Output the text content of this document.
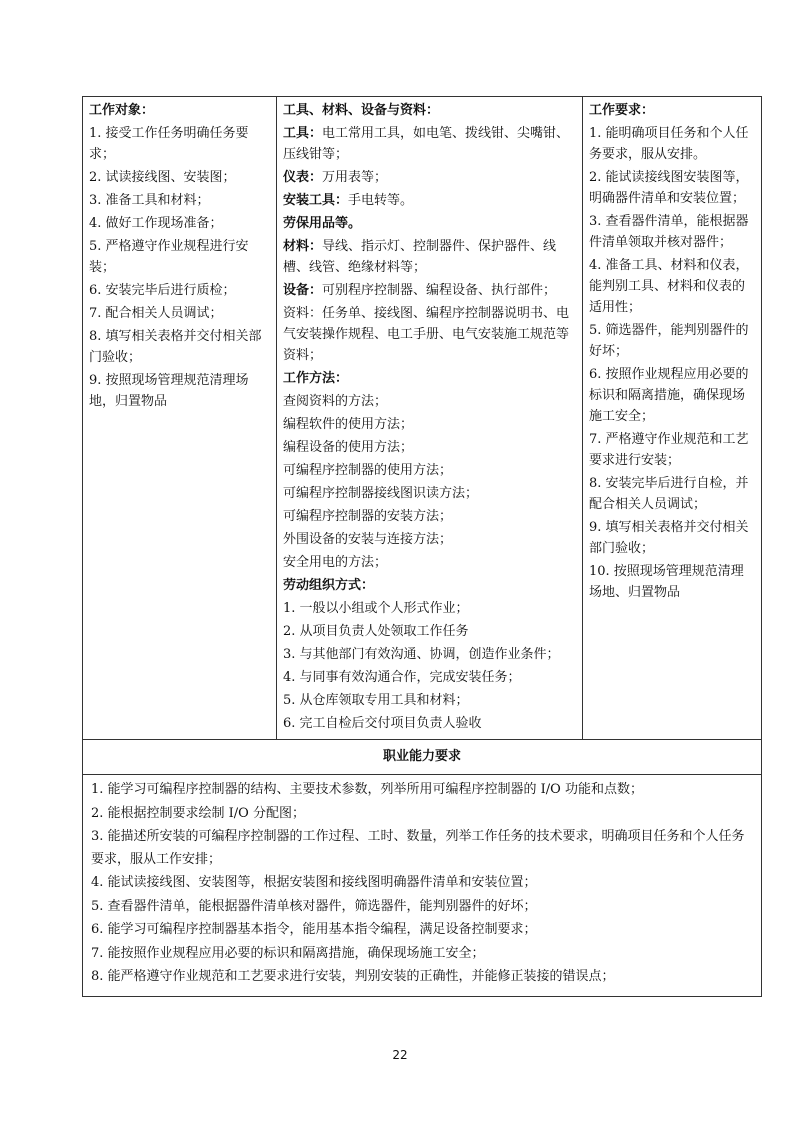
工作对象：
1. 接受工作任务明确任务要求；
2. 试读接线图、安装图；
3. 准备工具和材料；
4. 做好工作现场准备；
5. 严格遵守作业规程进行安装；
6. 安装完毕后进行质检；
7. 配合相关人员调试；
8. 填写相关表格并交付相关部门验收；
9. 按照现场管理规范清理场地，归置物品

工具、材料、设备与资料：
工具：电工常用工具，如电笔、拨线钳、尖嘴钳、压线钳等；
仪表：万用表等；
安装工具：手电转等。
劳保用品等。
材料：导线、指示灯、控制器件、保护器件、线槽、线管、绝缘材料等；
设备：可别程序控制器、编程设备、执行部件；
资料：任务单、接线图、编程序控制器说明书、电气安装操作规程、电工手册、电气安装施工规范等资料；
工作方法：
查阅资料的方法；
编程软件的使用方法；
编程设备的使用方法；
可编程序控制器的使用方法；
可编程序控制器接线图识读方法；
可编程序控制器的安装方法；
外围设备的安装与连接方法；
安全用电的方法；
劳动组织方式：
1. 一般以小组或个人形式作业；
2. 从项目负责人处领取工作任务
3. 与其他部门有效沟通、协调，创造作业条件；
4. 与同事有效沟通合作，完成安装任务；
5. 从仓库领取专用工具和材料；
6. 完工自检后交付项目负责人验收

工作要求：
1. 能明确项目任务和个人任务要求，服从安排。
2. 能试读接线图安装图等，明确器件清单和安装位置；
3. 查看器件清单，能根据器件清单领取并核对器件；
4. 准备工具、材料和仪表，能判别工具、材料和仪表的适用性；
5. 筛选器件，能判别器件的好坏；
6. 按照作业规程应用必要的标识和隔离措施，确保现场施工安全；
7. 严格遵守作业规范和工艺要求进行安装；
8. 安装完毕后进行自检，并配合相关人员调试；
9. 填写相关表格并交付相关部门验收；
10. 按照现场管理规范清理场地、归置物品

职业能力要求

1. 能学习可编程序控制器的结构、主要技术参数，列举所用可编程序控制器的 I/O 功能和点数；
2. 能根据控制要求绘制 I/O 分配图；
3. 能描述所安装的可编程序控制器的工作过程、工时、数量，列举工作任务的技术要求，明确项目任务和个人任务要求，服从工作安排；
4. 能试读接线图、安装图等，根据安装图和接线图明确器件清单和安装位置；
5. 查看器件清单，能根据器件清单核对器件，筛选器件，能判别器件的好坏；
6. 能学习可编程序控制器基本指令，能用基本指令编程，满足设备控制要求；
7. 能按照作业规程应用必要的标识和隔离措施，确保现场施工安全；
8. 能严格遵守作业规范和工艺要求进行安装，判别安装的正确性，并能修正装接的错误点；
22
